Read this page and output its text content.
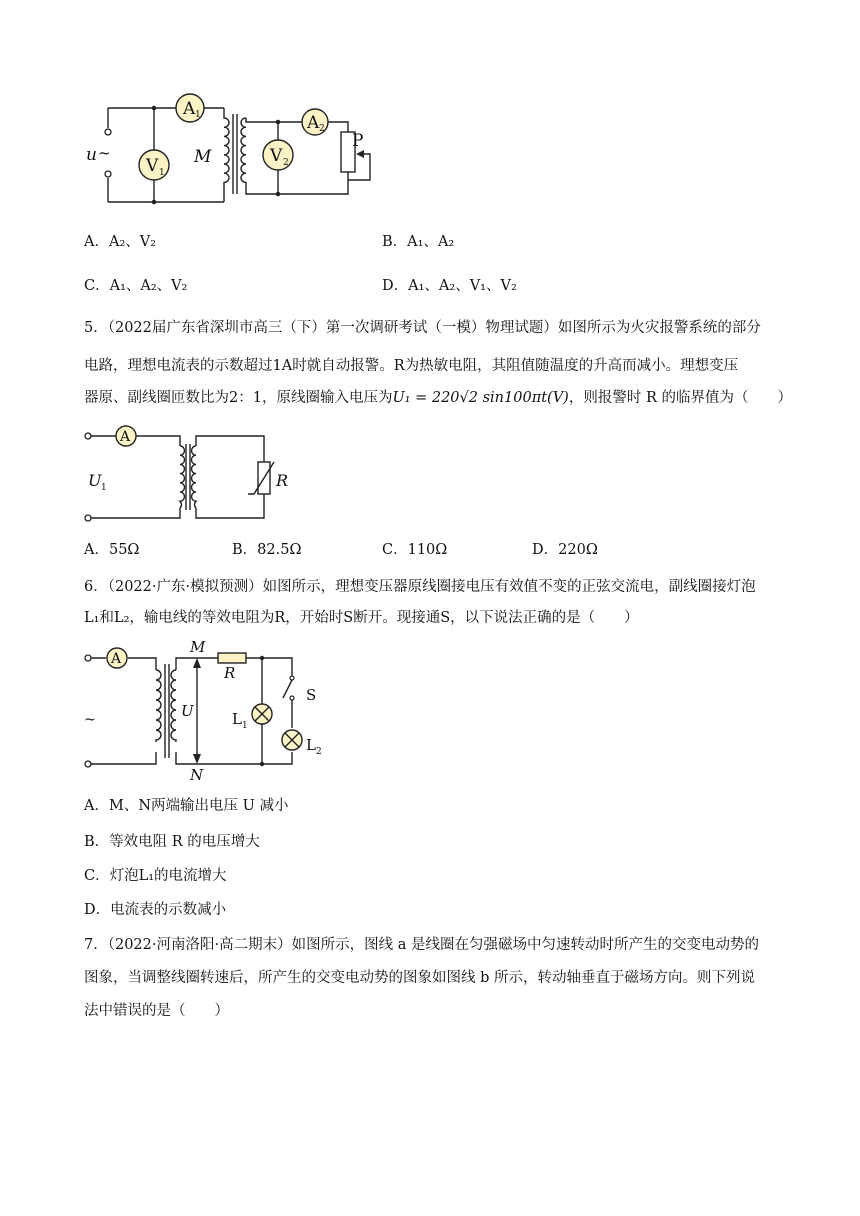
A 1
V 1
A 2
V 2
u ~	M
P
A．A₂、V₂	B．A₁、A₂
C．A₁、A₂、V₂	D．A₁、A₂、V₁、V₂
5．（2022届广东省深圳市高三（下）第一次调研考试（一模）物理试题）如图所示为火灾报警系统的部分
电路，理想电流表的示数超过1A时就自动报警。R为热敏电阻，其阻值随温度的升高而减小。理想变压
器原、副线圈匝数比为2：1，原线圈输入电压为U₁ = 220√2 sin100πt(V)，则报警时 R 的临界值为（　　）
A
U 1	R
A．55Ω	B．82.5Ω	C．110Ω	D．220Ω
6．（2022·广东·模拟预测）如图所示，理想变压器原线圈接电压有效值不变的正弦交流电，副线圈接灯泡
L₁和L₂，输电线的等效电阻为R，开始时S断开。现接通S，以下说法正确的是（　　）
A
M
R
S
U
N
L 1
L 2
~
A．M、N两端输出电压 U 减小
B．等效电阻 R 的电压增大
C．灯泡L₁的电流增大
D．电流表的示数减小
7．（2022·河南洛阳·高二期末）如图所示，图线 a 是线圈在匀强磁场中匀速转动时所产生的交变电动势的
图象，当调整线圈转速后，所产生的交变电动势的图象如图线 b 所示，转动轴垂直于磁场方向。则下列说
法中错误的是（　　）
